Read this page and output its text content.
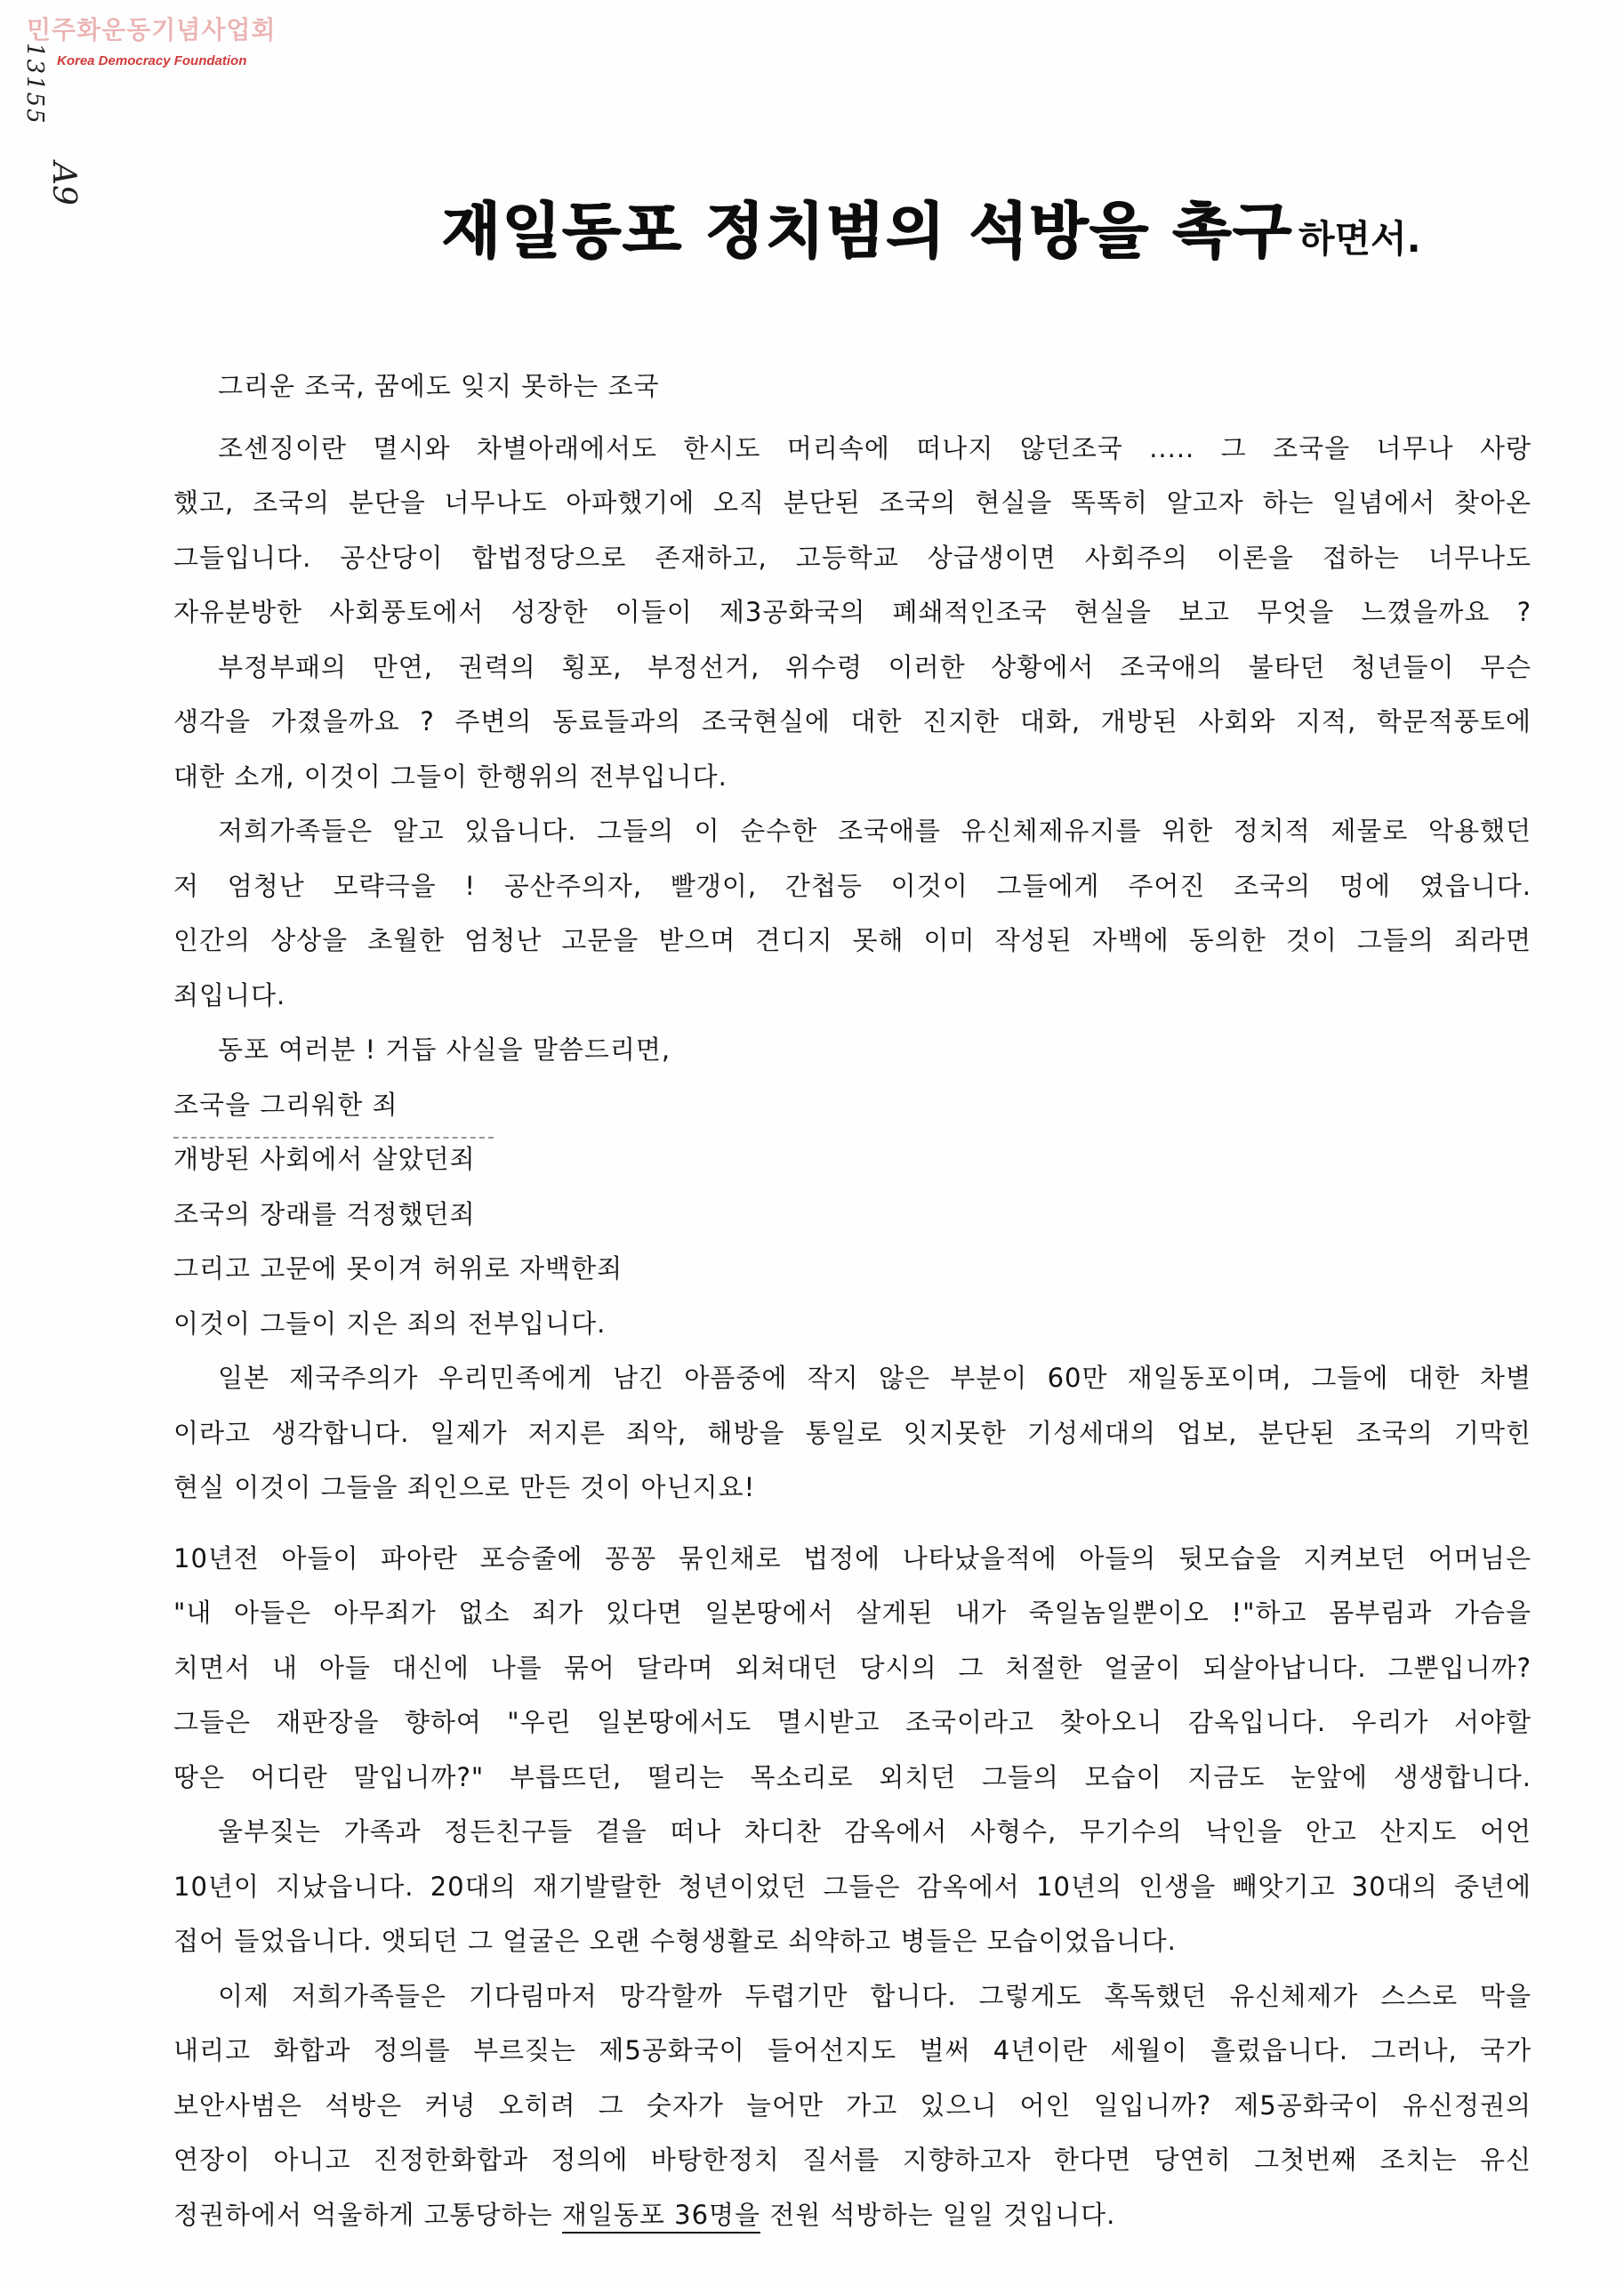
민주화운동기념사업회
Korea Democracy Foundation
13155
A9
재일동포 정치범의 석방을 촉구 하면서.
그리운 조국, 꿈에도 잊지 못하는 조국
조센징이란 멸시와 차별아래에서도 한시도 머리속에 떠나지 않던조국 ..... 그 조국을 너무나 사랑
했고, 조국의 분단을 너무나도 아파했기에 오직 분단된 조국의 현실을 똑똑히 알고자 하는 일념에서 찾아온
그들입니다. 공산당이 합법정당으로 존재하고, 고등학교 상급생이면 사회주의 이론을 접하는 너무나도
자유분방한 사회풍토에서 성장한 이들이 제3공화국의 폐쇄적인조국 현실을 보고 무엇을 느꼈을까요 ?
부정부패의 만연, 권력의 횡포, 부정선거, 위수령 이러한 상황에서 조국애의 불타던 청년들이 무슨
생각을 가졌을까요 ? 주변의 동료들과의 조국현실에 대한 진지한 대화, 개방된 사회와 지적, 학문적풍토에
대한 소개, 이것이 그들이 한행위의 전부입니다.
저희가족들은 알고 있읍니다. 그들의 이 순수한 조국애를 유신체제유지를 위한 정치적 제물로 악용했던
저 엄청난 모략극을 ! 공산주의자, 빨갱이, 간첩등 이것이 그들에게 주어진 조국의 멍에 였읍니다.
인간의 상상을 초월한 엄청난 고문을 받으며 견디지 못해 이미 작성된 자백에 동의한 것이 그들의 죄라면
죄입니다.
동포 여러분 ! 거듭 사실을 말씀드리면,
조국을 그리워한 죄
개방된 사회에서 살았던죄
조국의 장래를 걱정했던죄
그리고 고문에 못이겨 허위로 자백한죄
이것이 그들이 지은 죄의 전부입니다.
일본 제국주의가 우리민족에게 남긴 아픔중에 작지 않은 부분이 60만 재일동포이며, 그들에 대한 차별
이라고 생각합니다. 일제가 저지른 죄악, 해방을 통일로 잇지못한 기성세대의 업보, 분단된 조국의 기막힌
현실 이것이 그들을 죄인으로 만든 것이 아닌지요!
10년전 아들이 파아란 포승줄에 꽁꽁 묶인채로 법정에 나타났을적에 아들의 뒷모습을 지켜보던 어머님은
"내 아들은 아무죄가 없소 죄가 있다면 일본땅에서 살게된 내가 죽일놈일뿐이오 !"하고 몸부림과 가슴을
치면서 내 아들 대신에 나를 묶어 달라며 외쳐대던 당시의 그 처절한 얼굴이 되살아납니다. 그뿐입니까?
그들은 재판장을 향하여 "우린 일본땅에서도 멸시받고 조국이라고 찾아오니 감옥입니다. 우리가 서야할
땅은 어디란 말입니까?" 부릅뜨던, 떨리는 목소리로 외치던 그들의 모습이 지금도 눈앞에 생생합니다.
울부짖는 가족과 정든친구들 곁을 떠나 차디찬 감옥에서 사형수, 무기수의 낙인을 안고 산지도 어언
10년이 지났읍니다. 20대의 재기발랄한 청년이었던 그들은 감옥에서 10년의 인생을 빼앗기고 30대의 중년에
접어 들었읍니다. 앳되던 그 얼굴은 오랜 수형생활로 쇠약하고 병들은 모습이었읍니다.
이제 저희가족들은 기다림마저 망각할까 두렵기만 합니다. 그렇게도 혹독했던 유신체제가 스스로 막을
내리고 화합과 정의를 부르짖는 제5공화국이 들어선지도 벌써 4년이란 세월이 흘렀읍니다. 그러나, 국가
보안사범은 석방은 커녕 오히려 그 숫자가 늘어만 가고 있으니 어인 일입니까? 제5공화국이 유신정권의
연장이 아니고 진정한화합과 정의에 바탕한정치 질서를 지향하고자 한다면 당연히 그첫번째 조치는 유신
정권하에서 억울하게 고통당하는 재일동포 36명을 전원 석방하는 일일 것입니다.
